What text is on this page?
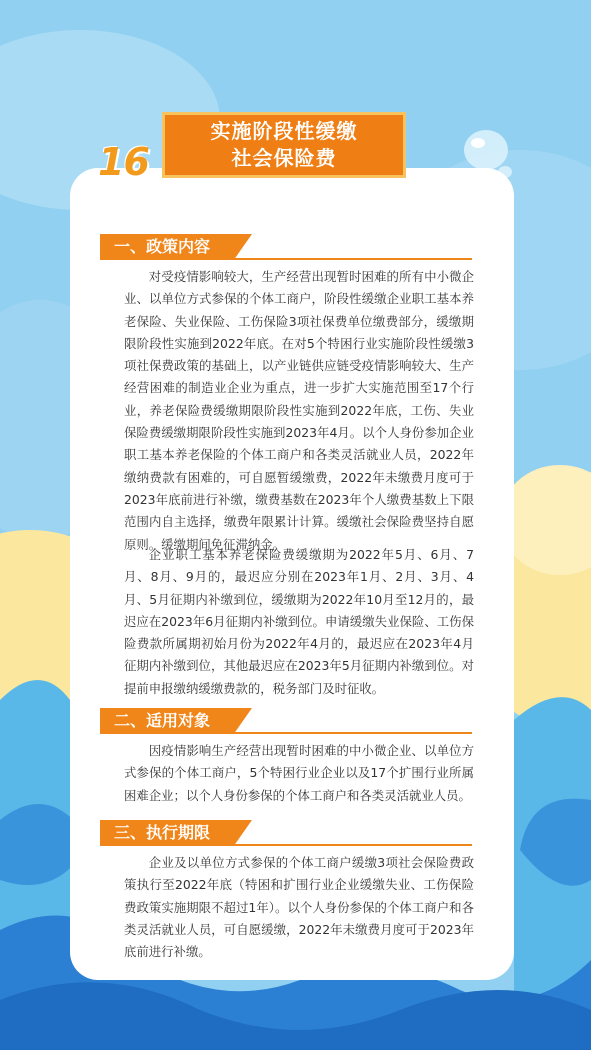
16
实施阶段性缓缴
社会保险费
一、政策内容

对受疫情影响较大，生产经营出现暂时困难的所有中小微企业、以单位方式参保的个体工商户，阶段性缓缴企业职工基本养老保险、失业保险、工伤保险3项社保费单位缴费部分，缓缴期限阶段性实施到2022年底。在对5个特困行业实施阶段性缓缴3项社保费政策的基础上，以产业链供应链受疫情影响较大、生产经营困难的制造业企业为重点，进一步扩大实施范围至17个行业，养老保险费缓缴期限阶段性实施到2022年底，工伤、失业保险费缓缴期限阶段性实施到2023年4月。以个人身份参加企业职工基本养老保险的个体工商户和各类灵活就业人员，2022年缴纳费款有困难的，可自愿暂缓缴费，2022年未缴费月度可于2023年底前进行补缴，缴费基数在2023年个人缴费基数上下限范围内自主选择，缴费年限累计计算。缓缴社会保险费坚持自愿原则。缓缴期间免征滞纳金。

企业职工基本养老保险费缓缴期为2022年5月、6月、7月、8月、9月的，最迟应分别在2023年1月、2月、3月、4月、5月征期内补缴到位，缓缴期为2022年10月至12月的，最迟应在2023年6月征期内补缴到位。申请缓缴失业保险、工伤保险费款所属期初始月份为2022年4月的，最迟应在2023年4月征期内补缴到位，其他最迟应在2023年5月征期内补缴到位。对提前申报缴纳缓缴费款的，税务部门及时征收。

二、适用对象

因疫情影响生产经营出现暂时困难的中小微企业、以单位方式参保的个体工商户，5个特困行业企业以及17个扩围行业所属困难企业；以个人身份参保的个体工商户和各类灵活就业人员。

三、执行期限

企业及以单位方式参保的个体工商户缓缴3项社会保险费政策执行至2022年底（特困和扩围行业企业缓缴失业、工伤保险费政策实施期限不超过1年）。以个人身份参保的个体工商户和各类灵活就业人员，可自愿缓缴，2022年未缴费月度可于2023年底前进行补缴。
